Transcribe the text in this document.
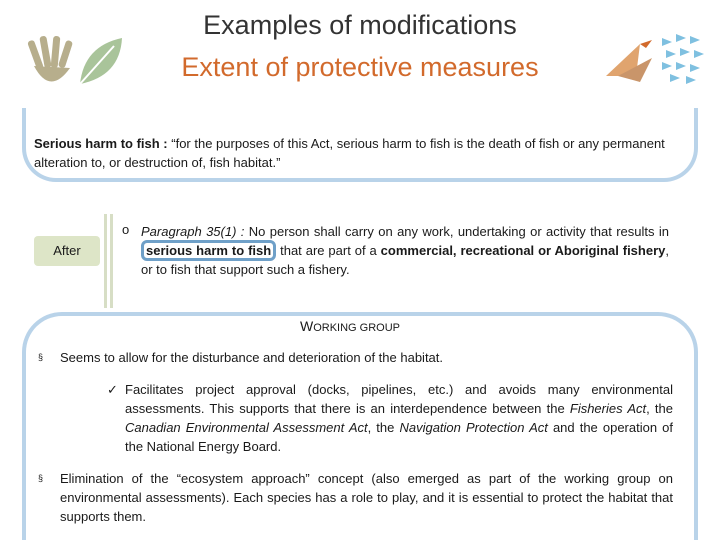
Examples of modifications
Extent of protective measures
Serious harm to fish : “for the purposes of this Act, serious harm to fish is the death of fish or any permanent alteration to, or destruction of, fish habitat.”
After
o Paragraph 35(1) : No person shall carry on any work, undertaking or activity that results in serious harm to fish that are part of a commercial, recreational or Aboriginal fishery, or to fish that support such a fishery.
WORKING GROUP
§ Seems to allow for the disturbance and deterioration of the habitat.
✓ Facilitates project approval (docks, pipelines, etc.) and avoids many environmental assessments. This supports that there is an interdependence between the Fisheries Act, the Canadian Environmental Assessment Act, the Navigation Protection Act and the operation of the National Energy Board.
§ Elimination of the “ecosystem approach” concept (also emerged as part of the working group on environmental assessments). Each species has a role to play, and it is essential to protect the habitat that supports them.
